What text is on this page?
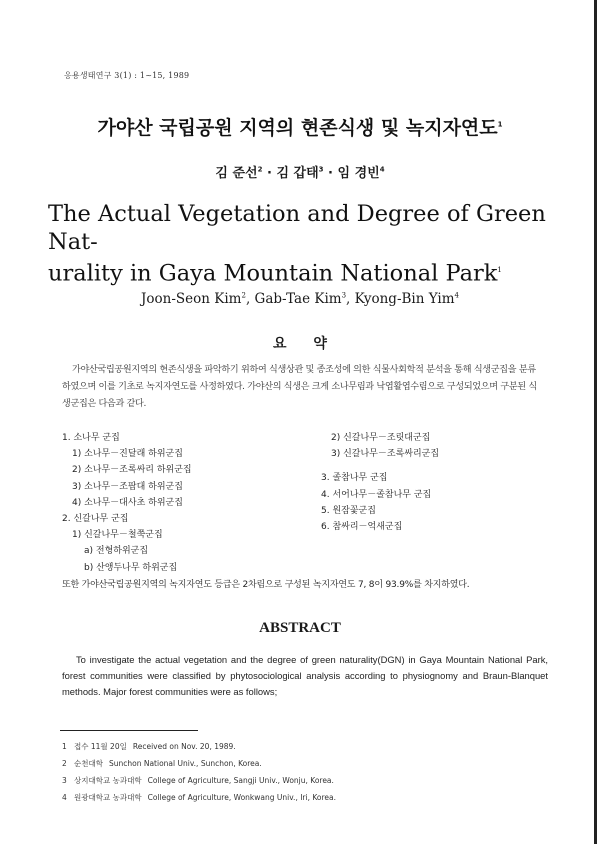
응용생태연구 3(1) : 1~15, 1989
가야산 국립공원 지역의 현존식생 및 녹지자연도$^1$
김 준선$^2$ · 김 갑태$^3$ · 임 경빈$^4$
The Actual Vegetation and Degree of Green Nat-
urality in Gaya Mountain National Park$^1$
Joon-Seon Kim$^2$, Gab-Tae Kim$^3$, Kyong-Bin Yim$^4$
요 약
가야산국립공원지역의 현존식생을 파악하기 위하여 식생상관 및 종조성에 의한 식물사회학적 분석을 통해 식생군집을 분류하였으며 이를 기초로 녹지자연도를 사정하였다. 가야산의 식생은 크게 소나무림과 낙엽활엽수림으로 구성되었으며 구분된 식생군집은 다음과 같다.
1. 소나무 군집
1) 소나무－진달래 하위군집
2) 소나무－조록싸리 하위군집
3) 소나무－조팝대 하위군집
4) 소나무－대사초 하위군집
2. 신갈나무 군집
1) 신갈나무－철쭉군집
a) 전형하위군집
b) 산앵두나무 하위군집
2) 신갈나무－조릿대군집
3) 신갈나무－조록싸리군집
3. 졸참나무 군집
4. 서어나무－졸참나무 군집
5. 원잠꽃군집
6. 참싸리－억새군집
또한 가야산국립공원지역의 녹지자연도 등급은 2차림으로 구성된 녹지자연도 7, 8이 93.9%를 차지하였다.
ABSTRACT
To investigate the actual vegetation and the degree of green naturality(DGN) in Gaya Mountain National Park, forest communities were classified by phytosociological analysis according to physiognomy and Braun-Blanquet methods. Major forest communities were as follows;
1 접수 11월 20일 Received on Nov. 20, 1989.
2 순천대학 Sunchon National Univ., Sunchon, Korea.
3 상지대학교 농과대학 College of Agriculture, Sangji Univ., Wonju, Korea.
4 원광대학교 농과대학 College of Agriculture, Wonkwang Univ., Iri, Korea.
